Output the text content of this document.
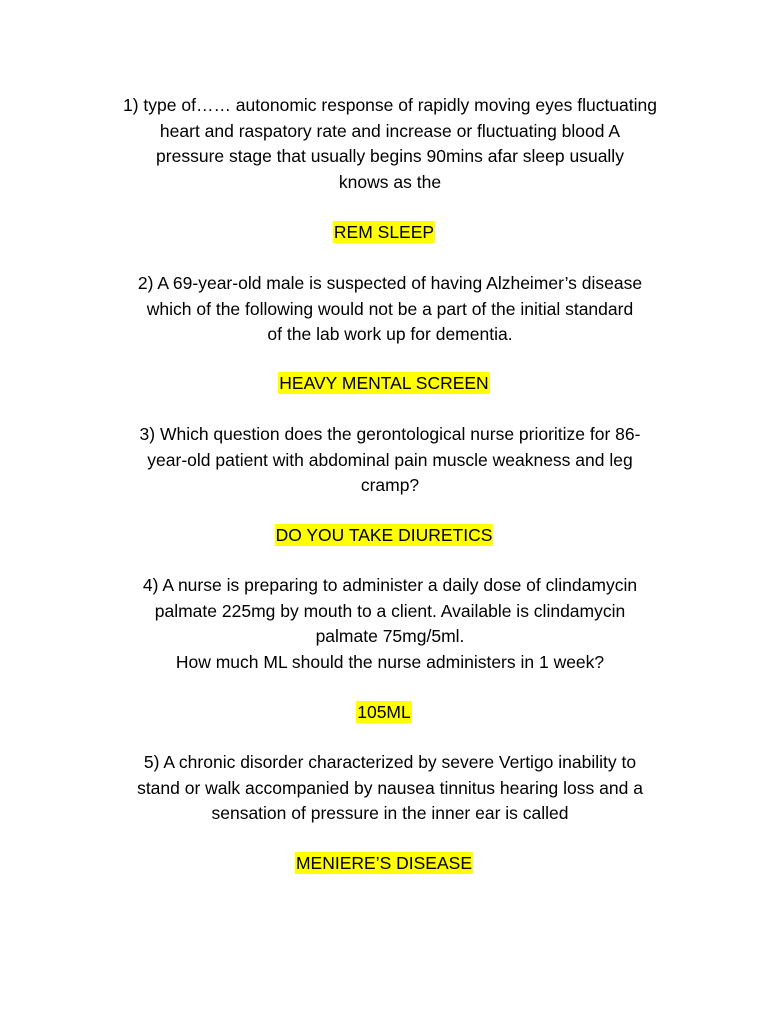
1) type of…… autonomic response of rapidly moving eyes fluctuating
heart and raspatory rate and increase or fluctuating blood A
pressure stage that usually begins 90mins afar sleep usually
knows as the
REM SLEEP
2) A 69-year-old male is suspected of having Alzheimer’s disease
which of the following would not be a part of the initial standard
of the lab work up for dementia.
HEAVY MENTAL SCREEN
3) Which question does the gerontological nurse prioritize for 86-
year-old patient with abdominal pain muscle weakness and leg
cramp?
DO YOU TAKE DIURETICS
4) A nurse is preparing to administer a daily dose of clindamycin
palmate 225mg by mouth to a client. Available is clindamycin
palmate 75mg/5ml.
How much ML should the nurse administers in 1 week?
105ML
5) A chronic disorder characterized by severe Vertigo inability to
stand or walk accompanied by nausea tinnitus hearing loss and a
sensation of pressure in the inner ear is called
MENIERE’S DISEASE
